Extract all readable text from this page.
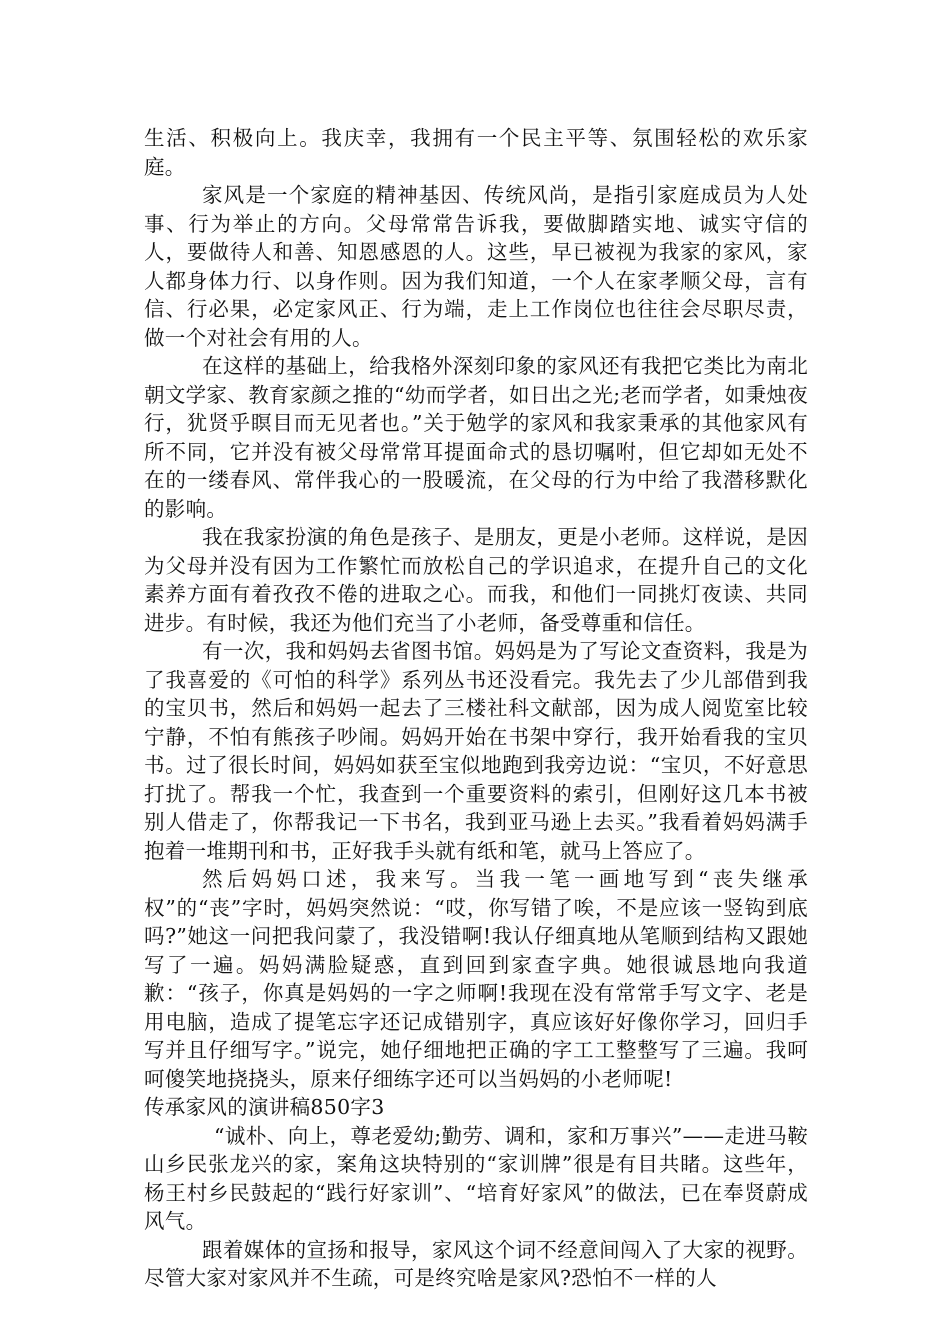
生活、积极向上。我庆幸，我拥有一个民主平等、氛围轻松的欢乐家庭。

家风是一个家庭的精神基因、传统风尚，是指引家庭成员为人处事、行为举止的方向。父母常常告诉我，要做脚踏实地、诚实守信的人，要做待人和善、知恩感恩的人。这些，早已被视为我家的家风，家人都身体力行、以身作则。因为我们知道，一个人在家孝顺父母，言有信、行必果，必定家风正、行为端，走上工作岗位也往往会尽职尽责，做一个对社会有用的人。

在这样的基础上，给我格外深刻印象的家风还有我把它类比为南北朝文学家、教育家颜之推的“幼而学者，如日出之光;老而学者，如秉烛夜行，犹贤乎瞑目而无见者也。”关于勉学的家风和我家秉承的其他家风有所不同，它并没有被父母常常耳提面命式的恳切嘱咐，但它却如无处不在的一缕春风、常伴我心的一股暖流，在父母的行为中给了我潜移默化的影响。

我在我家扮演的角色是孩子、是朋友，更是小老师。这样说，是因为父母并没有因为工作繁忙而放松自己的学识追求，在提升自己的文化素养方面有着孜孜不倦的进取之心。而我，和他们一同挑灯夜读、共同进步。有时候，我还为他们充当了小老师，备受尊重和信任。

有一次，我和妈妈去省图书馆。妈妈是为了写论文查资料，我是为了我喜爱的《可怕的科学》系列丛书还没看完。我先去了少儿部借到我的宝贝书，然后和妈妈一起去了三楼社科文献部，因为成人阅览室比较宁静，不怕有熊孩子吵闹。妈妈开始在书架中穿行，我开始看我的宝贝书。过了很长时间，妈妈如获至宝似地跑到我旁边说：“宝贝，不好意思打扰了。帮我一个忙，我查到一个重要资料的索引，但刚好这几本书被别人借走了，你帮我记一下书名，我到亚马逊上去买。”我看着妈妈满手抱着一堆期刊和书，正好我手头就有纸和笔，就马上答应了。

然后妈妈口述，我来写。当我一笔一画地写到“丧失继承权”的“丧”字时，妈妈突然说：“哎，你写错了唉，不是应该一竖钩到底吗?”她这一问把我问蒙了，我没错啊!我认仔细真地从笔顺到结构又跟她写了一遍。妈妈满脸疑惑，直到回到家查字典。她很诚恳地向我道歉：“孩子，你真是妈妈的一字之师啊!我现在没有常常手写文字、老是用电脑，造成了提笔忘字还记成错别字，真应该好好像你学习，回归手写并且仔细写字。”说完，她仔细地把正确的字工工整整写了三遍。我呵呵傻笑地挠挠头，原来仔细练字还可以当妈妈的小老师呢!

传承家风的演讲稿850字3

“诚朴、向上，尊老爱幼;勤劳、调和，家和万事兴”——走进马鞍山乡民张龙兴的家，案角这块特别的“家训牌”很是有目共睹。这些年，杨王村乡民鼓起的“践行好家训”、“培育好家风”的做法，已在奉贤蔚成风气。

跟着媒体的宣扬和报导，家风这个词不经意间闯入了大家的视野。尽管大家对家风并不生疏，可是终究啥是家风?恐怕不一样的人
